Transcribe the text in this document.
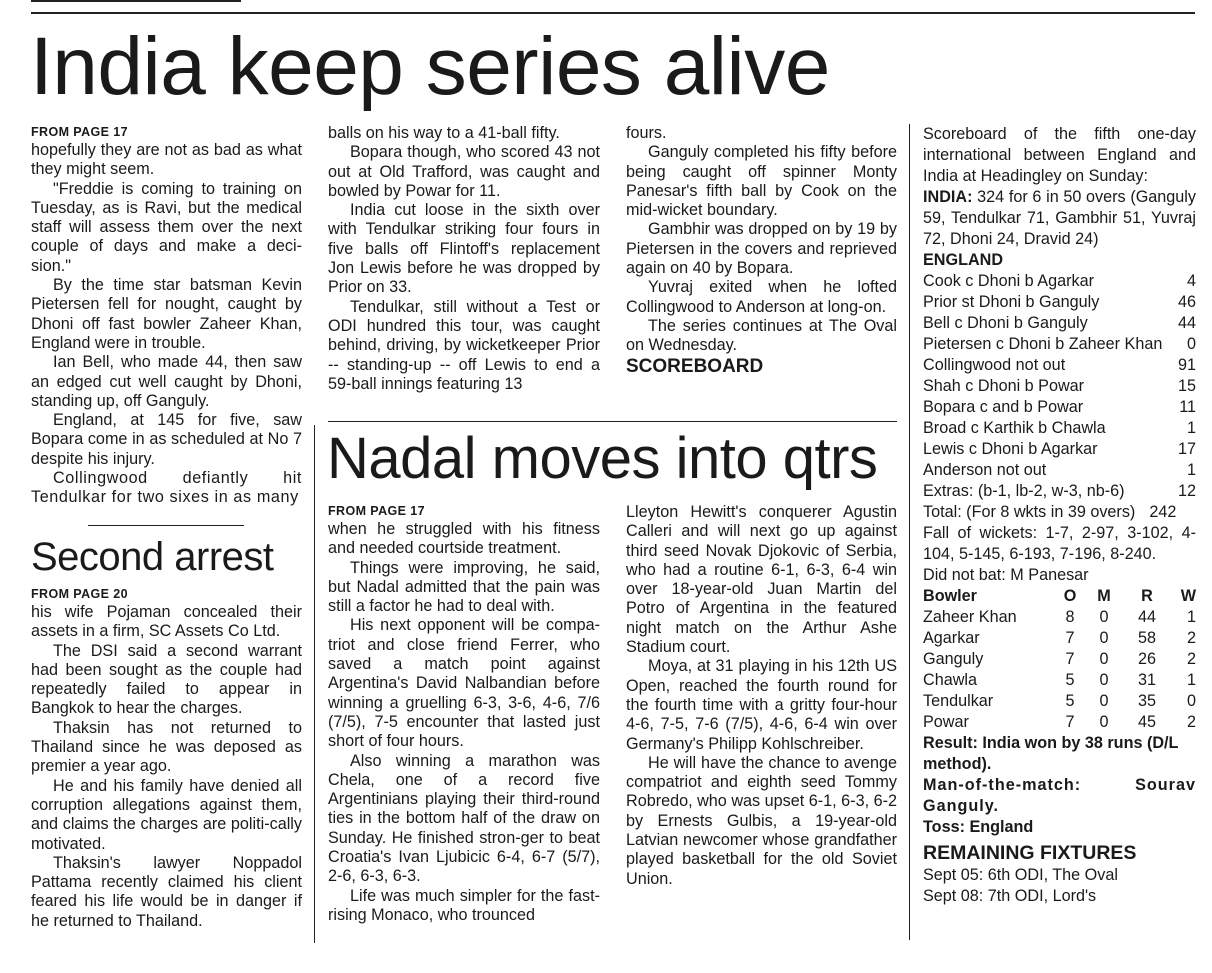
India keep series alive

FROM PAGE 17

hopefully they are not as bad as what they might seem.

"Freddie is coming to training on Tuesday, as is Ravi, but the medical staff will assess them over the next couple of days and make a deci-sion."

By the time star batsman Kevin Pietersen fell for nought, caught by Dhoni off fast bowler Zaheer Khan, England were in trouble.

Ian Bell, who made 44, then saw an edged cut well caught by Dhoni, standing up, off Ganguly.

England, at 145 for five, saw Bopara come in as scheduled at No 7 despite his injury.

Collingwood defiantly hit Tendulkar for two sixes in as many

Second arrest

FROM PAGE 20

his wife Pojaman concealed their assets in a firm, SC Assets Co Ltd.

The DSI said a second warrant had been sought as the couple had repeatedly failed to appear in Bangkok to hear the charges.

Thaksin has not returned to Thailand since he was deposed as premier a year ago.

He and his family have denied all corruption allegations against them, and claims the charges are politi-cally motivated.

Thaksin's lawyer Noppadol Pattama recently claimed his client feared his life would be in danger if he returned to Thailand.

balls on his way to a 41-ball fifty.

Bopara though, who scored 43 not out at Old Trafford, was caught and bowled by Powar for 11.

India cut loose in the sixth over with Tendulkar striking four fours in five balls off Flintoff's replacement Jon Lewis before he was dropped by Prior on 33.

Tendulkar, still without a Test or ODI hundred this tour, was caught behind, driving, by wicketkeeper Prior -- standing-up -- off Lewis to end a 59-ball innings featuring 13

fours.

Ganguly completed his fifty before being caught off spinner Monty Panesar's fifth ball by Cook on the mid-wicket boundary.

Gambhir was dropped on by 19 by Pietersen in the covers and reprieved again on 40 by Bopara.

Yuvraj exited when he lofted Collingwood to Anderson at long-on.

The series continues at The Oval on Wednesday.

SCOREBOARD

Nadal moves into qtrs

FROM PAGE 17

when he struggled with his fitness and needed courtside treatment.

Things were improving, he said, but Nadal admitted that the pain was still a factor he had to deal with.

His next opponent will be compa-triot and close friend Ferrer, who saved a match point against Argentina's David Nalbandian before winning a gruelling 6-3, 3-6, 4-6, 7/6 (7/5), 7-5 encounter that lasted just short of four hours.

Also winning a marathon was Chela, one of a record five Argentinians playing their third-round ties in the bottom half of the draw on Sunday. He finished stron-ger to beat Croatia's Ivan Ljubicic 6-4, 6-7 (5/7), 2-6, 6-3, 6-3.

Life was much simpler for the fast-rising Monaco, who trounced

Lleyton Hewitt's conquerer Agustin Calleri and will next go up against third seed Novak Djokovic of Serbia, who had a routine 6-1, 6-3, 6-4 win over 18-year-old Juan Martin del Potro of Argentina in the featured night match on the Arthur Ashe Stadium court.

Moya, at 31 playing in his 12th US Open, reached the fourth round for the fourth time with a gritty four-hour 4-6, 7-5, 7-6 (7/5), 4-6, 6-4 win over Germany's Philipp Kohlschreiber.

He will have the chance to avenge compatriot and eighth seed Tommy Robredo, who was upset 6-1, 6-3, 6-2 by Ernests Gulbis, a 19-year-old Latvian newcomer whose grandfather played basketball for the old Soviet Union.

Scoreboard of the fifth one-day international between England and India at Headingley on Sunday:

INDIA: 324 for 6 in 50 overs (Ganguly 59, Tendulkar 71, Gambhir 51, Yuvraj 72, Dhoni 24, Dravid 24)

ENGLAND

Cook c Dhoni b Agarkar	4
Prior st Dhoni b Ganguly	46
Bell c Dhoni b Ganguly	44
Pietersen c Dhoni b Zaheer Khan 0
Collingwood not out	91
Shah c Dhoni b Powar	15
Bopara c and b Powar	11
Broad c Karthik b Chawla	1
Lewis c Dhoni b Agarkar	17
Anderson not out	1
Extras: (b-1, lb-2, w-3, nb-6)	12
Total: (For 8 wkts in 39 overs) 242

Fall of wickets: 1-7, 2-97, 3-102, 4-104, 5-145, 6-193, 7-196, 8-240.

Did not bat: M Panesar

Bowler	O	M	R	W
Zaheer Khan	8	0	44	1
Agarkar	7	0	58	2
Ganguly	7	0	26	2
Chawla	5	0	31	1
Tendulkar	5	0	35	0
Powar	7	0	45	2

Result: India won by 38 runs (D/L method).

Man-of-the-match: Sourav Ganguly.

Toss: England

REMAINING FIXTURES

Sept 05: 6th ODI, The Oval

Sept 08: 7th ODI, Lord's
